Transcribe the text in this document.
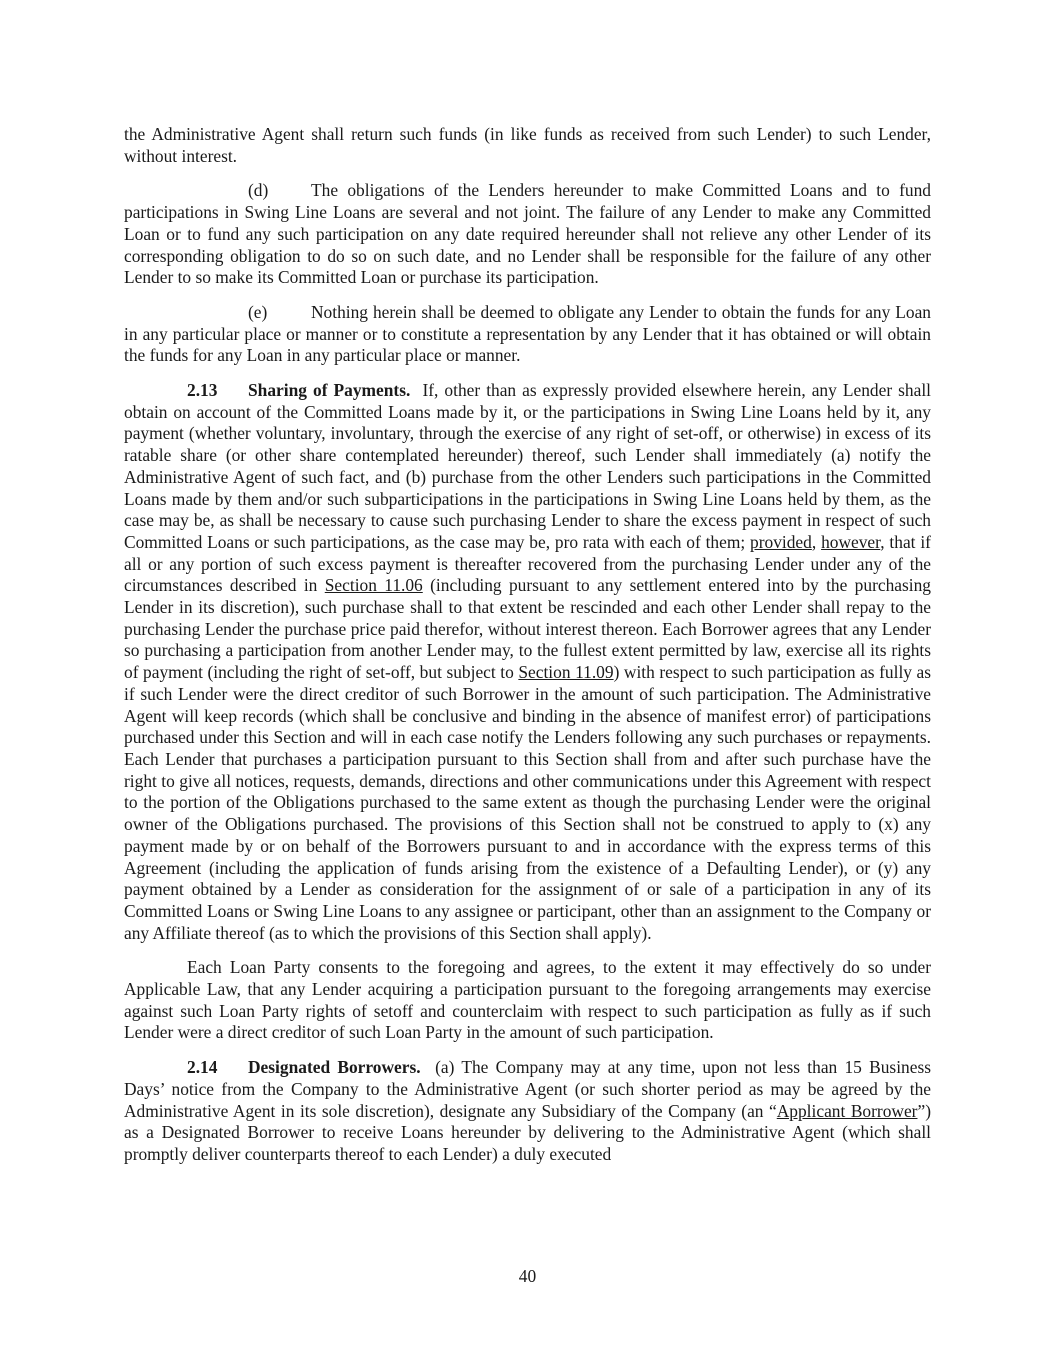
the Administrative Agent shall return such funds (in like funds as received from such Lender) to such Lender, without interest.

(d) The obligations of the Lenders hereunder to make Committed Loans and to fund participations in Swing Line Loans are several and not joint. The failure of any Lender to make any Committed Loan or to fund any such participation on any date required hereunder shall not relieve any other Lender of its corresponding obligation to do so on such date, and no Lender shall be responsible for the failure of any other Lender to so make its Committed Loan or purchase its participation.

(e)	Nothing herein shall be deemed to obligate any Lender to obtain the funds for any Loan in any particular place or manner or to constitute a representation by any Lender that it has obtained or will obtain the funds for any Loan in any particular place or manner.

2.13 Sharing of Payments. If, other than as expressly provided elsewhere herein, any Lender shall obtain on account of the Committed Loans made by it, or the participations in Swing Line Loans held by it, any payment (whether voluntary, involuntary, through the exercise of any right of set-off, or otherwise) in excess of its ratable share (or other share contemplated hereunder) thereof, such Lender shall immediately (a) notify the Administrative Agent of such fact, and (b) purchase from the other Lenders such participations in the Committed Loans made by them and/or such subparticipations in the participations in Swing Line Loans held by them, as the case may be, as shall be necessary to cause such purchasing Lender to share the excess payment in respect of such Committed Loans or such participations, as the case may be, pro rata with each of them; provided, however, that if all or any portion of such excess payment is thereafter recovered from the purchasing Lender under any of the circumstances described in Section 11.06 (including pursuant to any settlement entered into by the purchasing Lender in its discretion), such purchase shall to that extent be rescinded and each other Lender shall repay to the purchasing Lender the purchase price paid therefor, without interest thereon. Each Borrower agrees that any Lender so purchasing a participation from another Lender may, to the fullest extent permitted by law, exercise all its rights of payment (including the right of set-off, but subject to Section 11.09) with respect to such participation as fully as if such Lender were the direct creditor of such Borrower in the amount of such participation. The Administrative Agent will keep records (which shall be conclusive and binding in the absence of manifest error) of participations purchased under this Section and will in each case notify the Lenders following any such purchases or repayments. Each Lender that purchases a participation pursuant to this Section shall from and after such purchase have the right to give all notices, requests, demands, directions and other communications under this Agreement with respect to the portion of the Obligations purchased to the same extent as though the purchasing Lender were the original owner of the Obligations purchased. The provisions of this Section shall not be construed to apply to (x) any payment made by or on behalf of the Borrowers pursuant to and in accordance with the express terms of this Agreement (including the application of funds arising from the existence of a Defaulting Lender), or (y) any payment obtained by a Lender as consideration for the assignment of or sale of a participation in any of its Committed Loans or Swing Line Loans to any assignee or participant, other than an assignment to the Company or any Affiliate thereof (as to which the provisions of this Section shall apply).

Each Loan Party consents to the foregoing and agrees, to the extent it may effectively do so under Applicable Law, that any Lender acquiring a participation pursuant to the foregoing arrangements may exercise against such Loan Party rights of setoff and counterclaim with respect to such participation as fully as if such Lender were a direct creditor of such Loan Party in the amount of such participation.

2.14 Designated Borrowers. (a) The Company may at any time, upon not less than 15 Business Days’ notice from the Company to the Administrative Agent (or such shorter period as may be agreed by the Administrative Agent in its sole discretion), designate any Subsidiary of the Company (an “Applicant Borrower”) as a Designated Borrower to receive Loans hereunder by delivering to the Administrative Agent (which shall promptly deliver counterparts thereof to each Lender) a duly executed

40
